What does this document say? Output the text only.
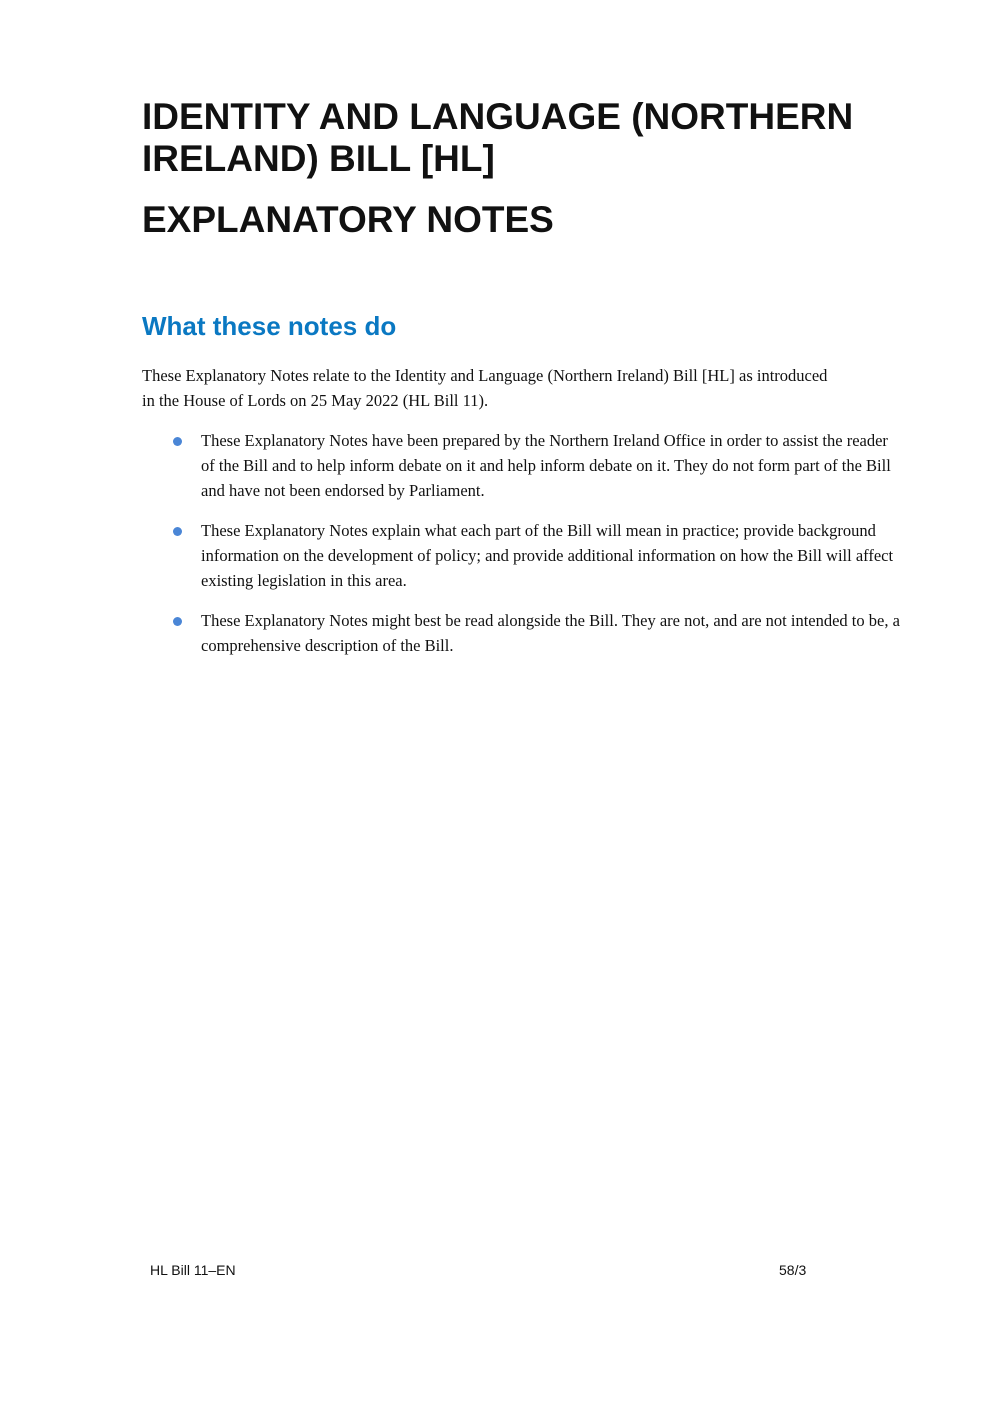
IDENTITY AND LANGUAGE (NORTHERN IRELAND) BILL [HL]
EXPLANATORY NOTES
What these notes do

These Explanatory Notes relate to the Identity and Language (Northern Ireland) Bill [HL] as introduced in the House of Lords on 25 May 2022 (HL Bill 11).

These Explanatory Notes have been prepared by the Northern Ireland Office in order to assist the reader of the Bill and to help inform debate on it and help inform debate on it. They do not form part of the Bill and have not been endorsed by Parliament.
These Explanatory Notes explain what each part of the Bill will mean in practice; provide background information on the development of policy; and provide additional information on how the Bill will affect existing legislation in this area.
These Explanatory Notes might best be read alongside the Bill. They are not, and are not intended to be, a comprehensive description of the Bill.
HL Bill 11–EN	58/3
